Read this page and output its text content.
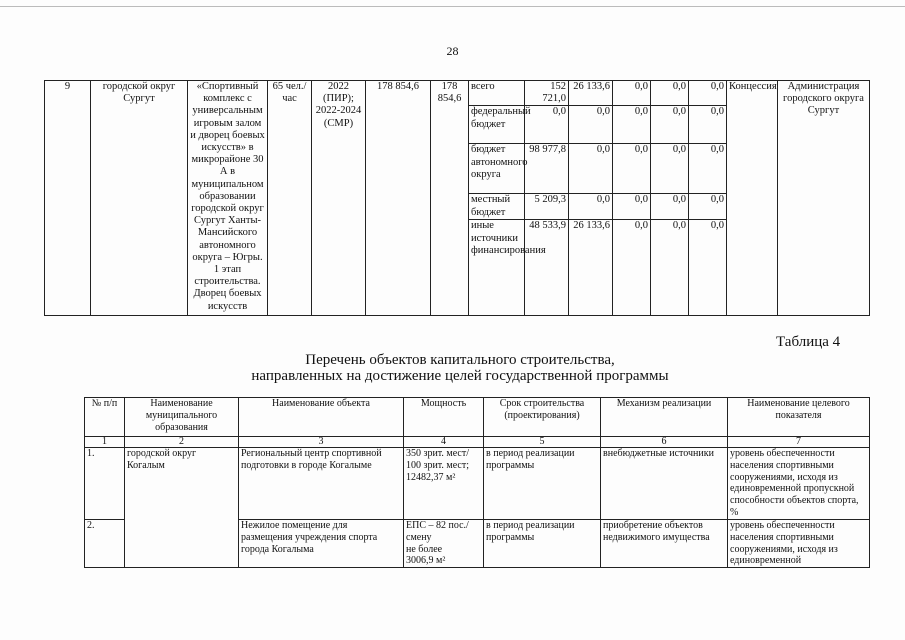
28
9	городской округ Сургут	«Спортивный комплекс с универсальным игровым залом и дворец боевых искусств» в микрорайоне 30 А в муниципальном образовании городской округ Сургут Ханты-Мансийского автономного округа – Югры. 1 этап строительства. Дворец боевых искусств	65 чел./час	2022 (ПИР); 2022-2024 (СМР)	178 854,6	178 854,6	всего	152 721,0	26 133,6	0,0	0,0	0,0	Концессия	Администрация городского округа Сургут
							федеральный бюджет	0,0	0,0	0,0	0,0	0,0		
							бюджет автономного округа	98 977,8	0,0	0,0	0,0	0,0		
							местный бюджет	5 209,3	0,0	0,0	0,0	0,0		
							иные источники финансирования	48 533,9	26 133,6	0,0	0,0	0,0		
Таблица 4
Перечень объектов капитального строительства,
направленных на достижение целей государственной программы
№ п/п	Наименование муниципального образования	Наименование объекта	Мощность	Срок строительства (проектирования)	Механизм реализации	Наименование целевого показателя
1	2	3	4	5	6	7
1.	городской округ Когалым	Региональный центр спортивной подготовки в городе Когалыме	350 зрит. мест/
100 зрит. мест;
12482,37 м²	в период реализации программы	внебюджетные источники	уровень обеспеченности населения спортивными сооружениями, исходя из единовременной пропускной способности объектов спорта, %
2.		Нежилое помещение для размещения учреждения спорта города Когалыма	ЕПС – 82 пос./смену
не более
3006,9 м²	в период реализации программы	приобретение объектов недвижимого имущества	уровень обеспеченности населения спортивными сооружениями, исходя из единовременной
